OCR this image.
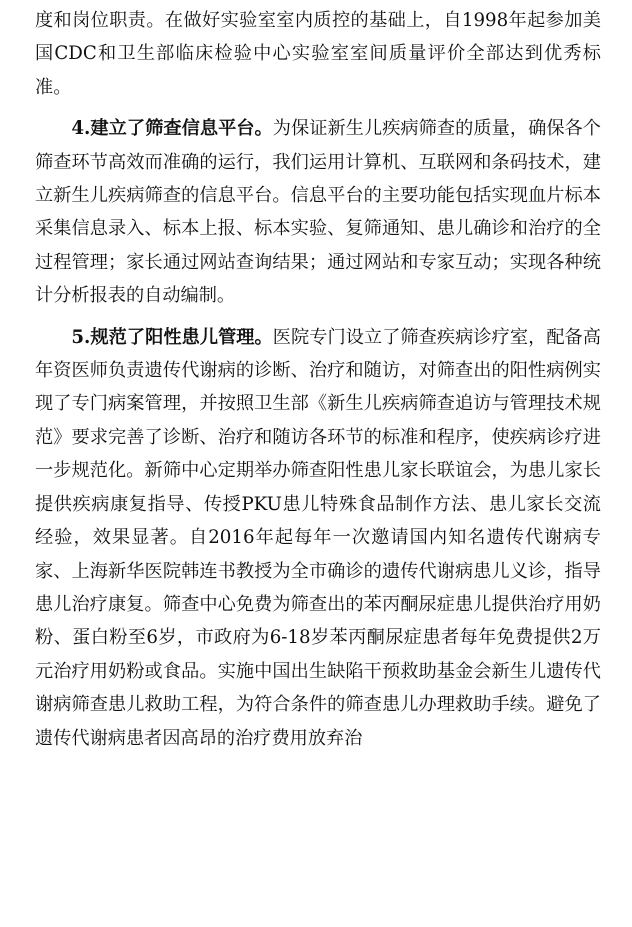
度和岗位职责。在做好实验室室内质控的基础上，自1998年起参加美国CDC和卫生部临床检验中心实验室室间质量评价全部达到优秀标准。

4.建立了筛查信息平台。为保证新生儿疾病筛查的质量，确保各个筛查环节高效而准确的运行，我们运用计算机、互联网和条码技术，建立新生儿疾病筛查的信息平台。信息平台的主要功能包括实现血片标本采集信息录入、标本上报、标本实验、复筛通知、患儿确诊和治疗的全过程管理；家长通过网站查询结果；通过网站和专家互动；实现各种统计分析报表的自动编制。

5.规范了阳性患儿管理。医院专门设立了筛查疾病诊疗室，配备高年资医师负责遗传代谢病的诊断、治疗和随访，对筛查出的阳性病例实现了专门病案管理，并按照卫生部《新生儿疾病筛查追访与管理技术规范》要求完善了诊断、治疗和随访各环节的标准和程序，使疾病诊疗进一步规范化。新筛中心定期举办筛查阳性患儿家长联谊会，为患儿家长提供疾病康复指导、传授PKU患儿特殊食品制作方法、患儿家长交流经验，效果显著。自2016年起每年一次邀请国内知名遗传代谢病专家、上海新华医院韩连书教授为全市确诊的遗传代谢病患儿义诊，指导患儿治疗康复。筛查中心免费为筛查出的苯丙酮尿症患儿提供治疗用奶粉、蛋白粉至6岁，市政府为6-18岁苯丙酮尿症患者每年免费提供2万元治疗用奶粉或食品。实施中国出生缺陷干预救助基金会新生儿遗传代谢病筛查患儿救助工程，为符合条件的筛查患儿办理救助手续。避免了遗传代谢病患者因高昂的治疗费用放弃治
